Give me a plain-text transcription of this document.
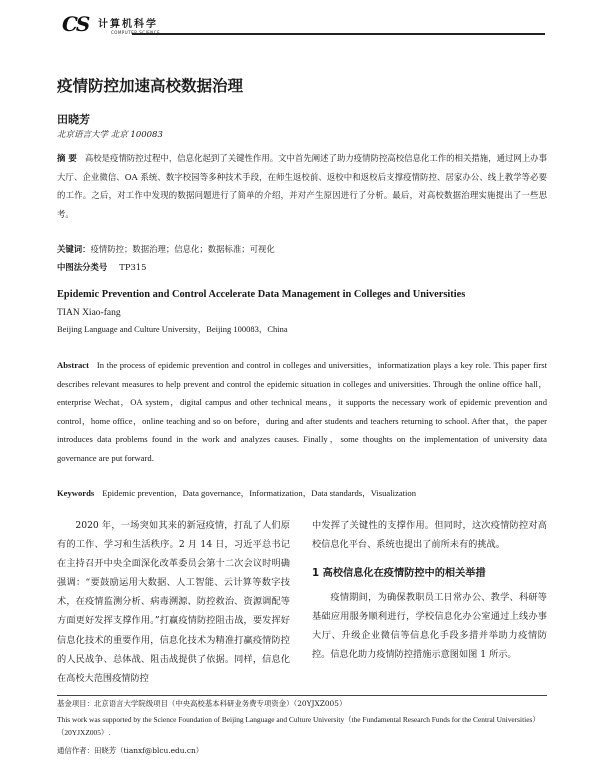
CS 计算机科学
COMPUTER SCIENCE
疫情防控加速高校数据治理
田晓芳
北京语言大学 北京 100083
摘 要 高校是疫情防控过程中，信息化起到了关键性作用。文中首先阐述了助力疫情防控高校信息化工作的相关措施，通过网上办事大厅、企业微信、OA 系统、数字校园等多种技术手段，在师生返校前、返校中和返校后支撑疫情防控、居家办公、线上教学等必要的工作。之后，对工作中发现的数据问题进行了简单的介绍，并对产生原因进行了分析。最后，对高校数据治理实施提出了一些思考。
关键词：疫情防控；数据治理；信息化；数据标准；可视化
中图法分类号 TP315
Epidemic Prevention and Control Accelerate Data Management in Colleges and Universities
TIAN Xiao-fang
Beijing Language and Culture University，Beijing 100083，China
Abstract In the process of epidemic prevention and control in colleges and universities，informatization plays a key role. This paper first describes relevant measures to help prevent and control the epidemic situation in colleges and universities. Through the online office hall，enterprise Wechat，OA system，digital campus and other technical means，it supports the necessary work of epidemic prevention and control，home office，online teaching and so on before，during and after students and teachers returning to school. After that，the paper introduces data problems found in the work and analyzes causes. Finally，some thoughts on the implementation of university data governance are put forward.
Keywords Epidemic prevention，Data governance，Informatization，Data standards，Visualization
2020 年，一场突如其来的新冠疫情，打乱了人们原有的工作、学习和生活秩序。2 月 14 日，习近平总书记在主持召开中央全面深化改革委员会第十二次会议时明确强调：“要鼓励运用大数据、人工智能、云计算等数字技术，在疫情监测分析、病毒溯源、防控救治、资源调配等方面更好发挥支撑作用。”打赢疫情防控阻击战，要发挥好信息化技术的重要作用，信息化技术为精准打赢疫情防控的人民战争、总体战、阻击战提供了依据。同样，信息化在高校大范围疫情防控
中发挥了关键性的支撑作用。但同时，这次疫情防控对高校信息化平台、系统也提出了前所未有的挑战。
1 高校信息化在疫情防控中的相关举措
疫情期间，为确保教职员工日常办公、教学、科研等基础应用服务顺利进行，学校信息化办公室通过上线办事大厅、升级企业微信等信息化手段多措并举助力疫情防控。信息化助力疫情防控措施示意图如图 1 所示。
基金项目：北京语言大学院级项目（中央高校基本科研业务费专项资金）（20YJXZ005）
This work was supported by the Science Foundation of Beijing Language and Culture University（the Fundamental Research Funds for the Central Universities）（20YJXZ005）.
通信作者：田晓芳（tianxf@blcu.edu.cn）
